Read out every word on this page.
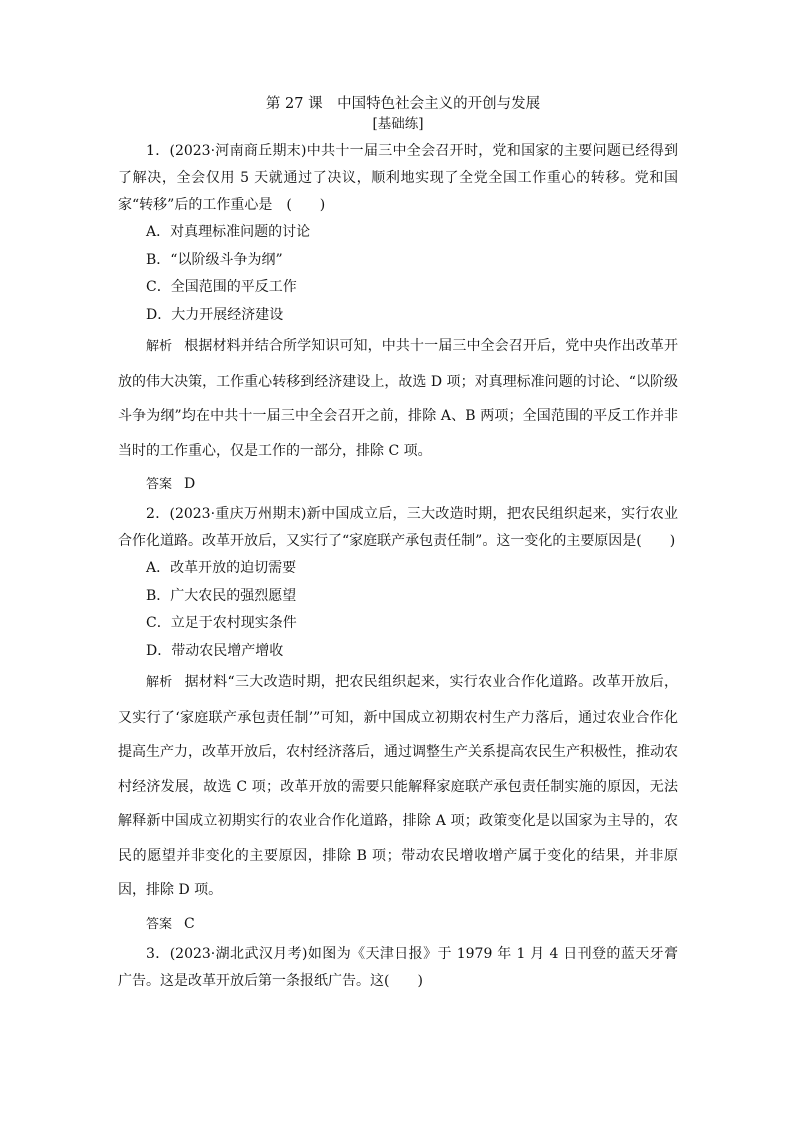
第 27 课　中国特色社会主义的开创与发展
[基础练]

1．(2023·河南商丘期末)中共十一届三中全会召开时，党和国家的主要问题已经得到了解决，全会仅用 5 天就通过了决议，顺利地实现了全党全国工作重心的转移。党和国家“转移”后的工作重心是　(　　)

A．对真理标准问题的讨论

B．“以阶级斗争为纲”

C．全国范围的平反工作

D．大力开展经济建设

解析 根据材料并结合所学知识可知，中共十一届三中全会召开后，党中央作出改革开放的伟大决策，工作重心转移到经济建设上，故选 D 项；对真理标准问题的讨论、“以阶级斗争为纲”均在中共十一届三中全会召开之前，排除 A、B 两项；全国范围的平反工作并非当时的工作重心，仅是工作的一部分，排除 C 项。

答案 D

2．(2023·重庆万州期末)新中国成立后，三大改造时期，把农民组织起来，实行农业合作化道路。改革开放后，又实行了“家庭联产承包责任制”。这一变化的主要原因是(　　)

A．改革开放的迫切需要

B．广大农民的强烈愿望

C．立足于农村现实条件

D．带动农民增产增收

解析 据材料“三大改造时期，把农民组织起来，实行农业合作化道路。改革开放后，又实行了‘家庭联产承包责任制’”可知，新中国成立初期农村生产力落后，通过农业合作化提高生产力，改革开放后，农村经济落后，通过调整生产关系提高农民生产积极性，推动农村经济发展，故选 C 项；改革开放的需要只能解释家庭联产承包责任制实施的原因，无法解释新中国成立初期实行的农业合作化道路，排除 A 项；政策变化是以国家为主导的，农民的愿望并非变化的主要原因，排除 B 项；带动农民增收增产属于变化的结果，并非原因，排除 D 项。

答案 C

3．(2023·湖北武汉月考)如图为《天津日报》于 1979 年 1 月 4 日刊登的蓝天牙膏广告。这是改革开放后第一条报纸广告。这(　　)
